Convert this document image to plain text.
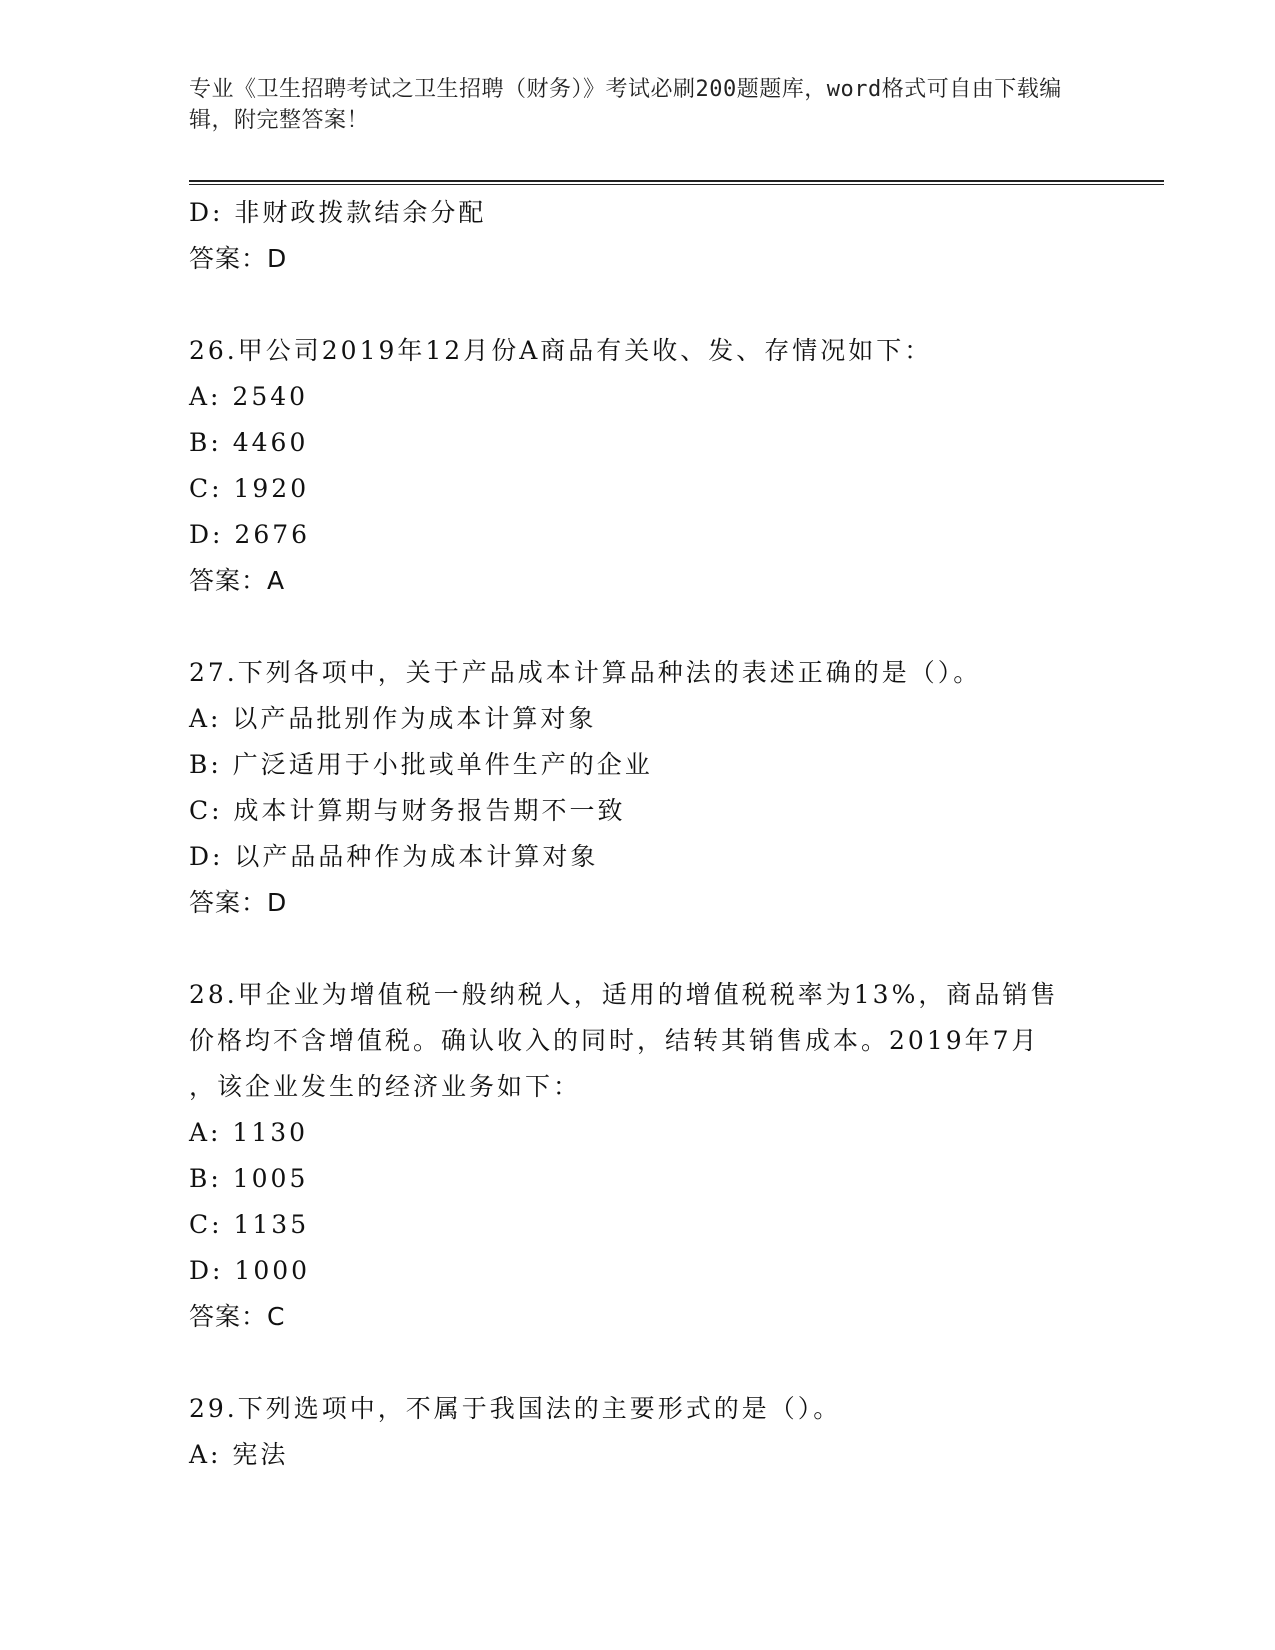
专业《卫生招聘考试之卫生招聘（财务）》考试必刷200题题库，word格式可自由下载编辑，附完整答案！
D: 非财政拨款结余分配
答案：D
26.甲公司2019年12月份A商品有关收、发、存情况如下：
A: 2540
B: 4460
C: 1920
D: 2676
答案：A
27.下列各项中，关于产品成本计算品种法的表述正确的是（）。
A: 以产品批别作为成本计算对象
B: 广泛适用于小批或单件生产的企业
C: 成本计算期与财务报告期不一致
D: 以产品品种作为成本计算对象
答案：D
28.甲企业为增值税一般纳税人，适用的增值税税率为13%，商品销售
价格均不含增值税。确认收入的同时，结转其销售成本。2019年7月
，该企业发生的经济业务如下：
A: 1130
B: 1005
C: 1135
D: 1000
答案：C
29.下列选项中，不属于我国法的主要形式的是（）。
A: 宪法
